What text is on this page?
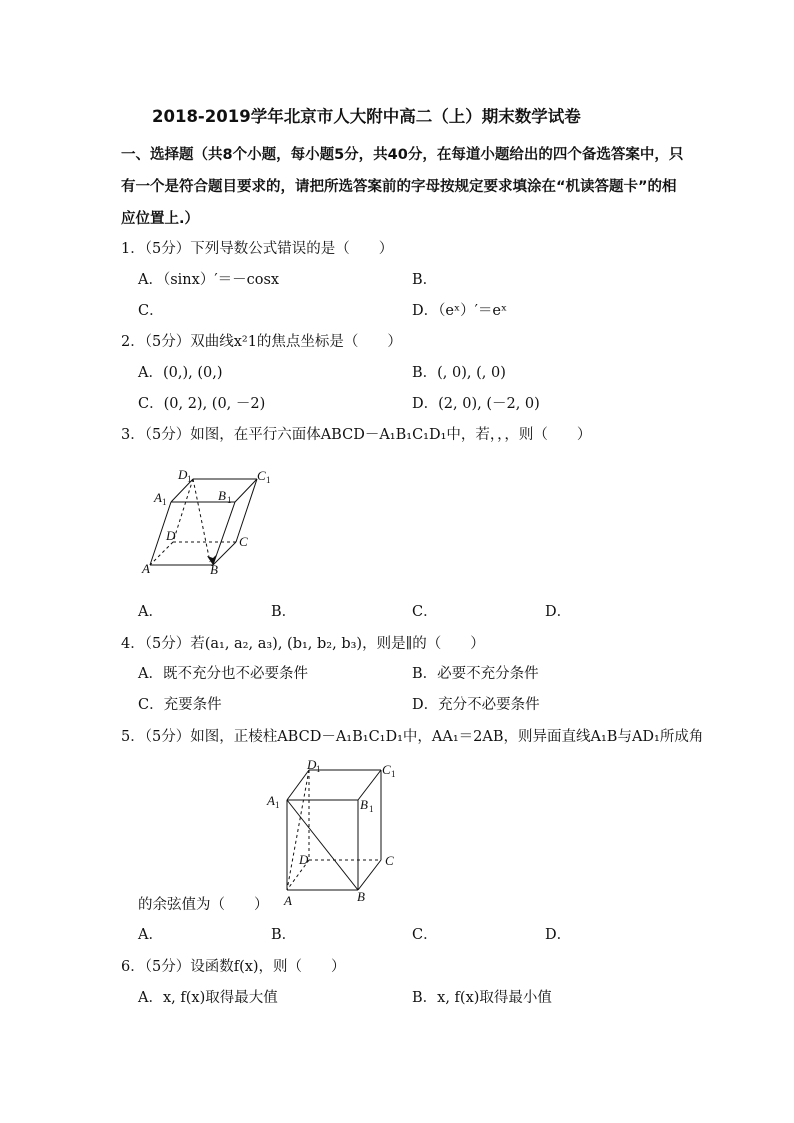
2018-2019学年北京市人大附中高二（上）期末数学试卷
一、选择题（共8个小题，每小题5分，共40分，在每道小题给出的四个备选答案中，只
有一个是符合题目要求的，请把所选答案前的字母按规定要求填涂在“机读答题卡”的相
应位置上.）
1．（5分）下列导数公式错误的是（　　）
A．（sinx）′＝－cosx	B．
C．	D．（eˣ）′＝eˣ
2．（5分）双曲线x²1的焦点坐标是（　　）
A．(0,), (0,)	B．(, 0), (, 0)
C．(0, 2), (0, －2)	D．(2, 0), (－2, 0)
3．（5分）如图，在平行六面体ABCD－A₁B₁C₁D₁中，若，，，则（　　）
D 1	C 1
A 1	B 1
D	C
A	B
A．	B．	C．	D．
4．（5分）若(a₁, a₂, a₃), (b₁, b₂, b₃)，则是∥的（　　）
A．既不充分也不必要条件	B．必要不充分条件
C．充要条件	D．充分不必要条件
5．（5分）如图，正棱柱ABCD－A₁B₁C₁D₁中，AA₁＝2AB，则异面直线A₁B与AD₁所成角
D 1	C 1
A 1	B 1
D	C
A	B
的余弦值为（　　）
A．	B．	C．	D．
6．（5分）设函数f(x)，则（　　）
A．x, f(x)取得最大值	B．x, f(x)取得最小值
